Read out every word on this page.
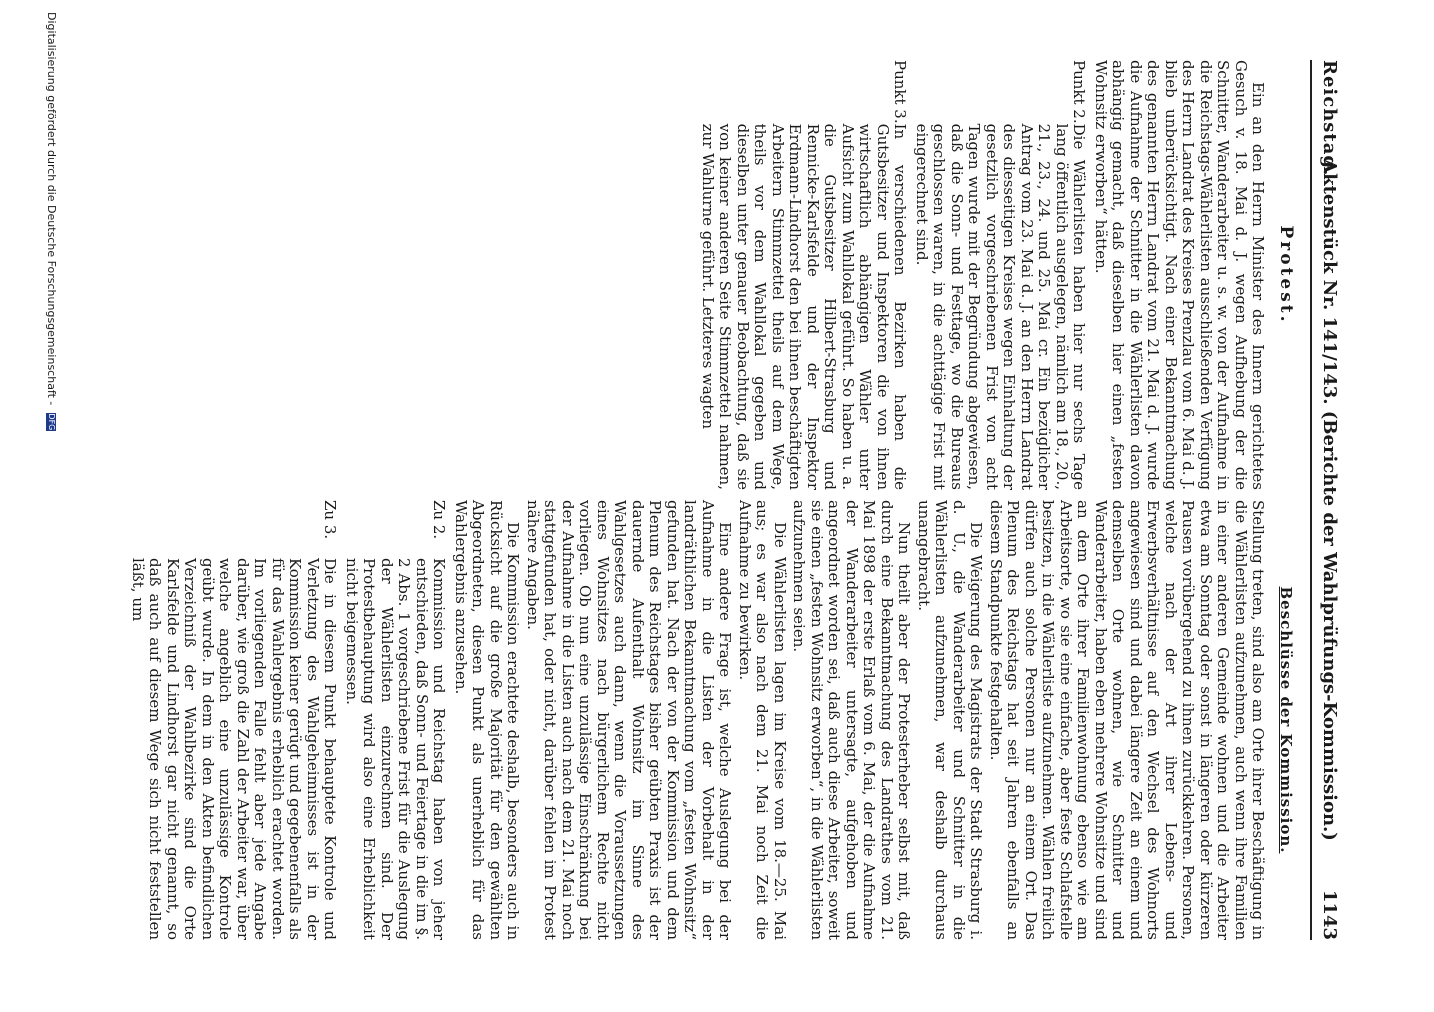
Reichstag.
Aktenstück Nr. 141/143. (Berichte der Wahlprüfungs-Kommission.)
1143
Protest.

Ein an den Herrn Minister des Innern gerichtetes Gesuch v. 18. Mai d. J. wegen Aufhebung der die Schnitter, Wanderarbeiter u. s. w. von der Aufnahme in die Reichstags-Wählerlisten ausschließenden Verfügung des Herrn Landrat des Kreises Prenzlau vom 6. Mai d. J. blieb unberücksichtigt. Nach einer Bekanntmachung des genannten Herrn Landrat vom 21. Mai d. J. wurde die Aufnahme der Schnitter in die Wählerlisten davon abhängig gemacht, daß dieselben hier einen „festen Wohnsitz erworben“ hätten.

Punkt 2.
Die Wählerlisten haben hier nur sechs Tage lang öffentlich ausgelegen, nämlich am 18., 20., 21., 23., 24. und 25. Mai cr. Ein bezüglicher Antrag vom 23. Mai d. J. an den Herrn Landrat des diesseitigen Kreises wegen Einhaltung der gesetzlich vorgeschriebenen Frist von acht Tagen wurde mit der Begründung abgewiesen, daß die Sonn- und Festtage, wo die Bureaus geschlossen waren, in die achttägige Frist mit eingerechnet sind.
Punkt 3.
In verschiedenen Bezirken haben die Gutsbesitzer und Inspektoren die von ihnen wirtschaftlich abhängigen Wähler unter Aufsicht zum Wahllokal geführt. So haben u. a. die Gutsbesitzer Hilbert-Strasburg und Rennicke-Karlsfelde und der Inspektor Erdmann-Lindhorst den bei ihnen beschäftigten Arbeitern Stimmzettel theils auf dem Wege, theils vor dem Wahllokal gegeben und dieselben unter genauer Beobachtung, daß sie von keiner anderen Seite Stimmzettel nahmen, zur Wahlurne geführt. Letzteres wagten
Beschlüsse der Kommission.

Stellung treten, sind also am Orte ihrer Beschäftigung in die Wählerlisten aufzunehmen, auch wenn ihre Familien in einer anderen Gemeinde wohnen und die Arbeiter etwa am Sonntag oder sonst in längeren oder kürzeren Pausen vorübergehend zu ihnen zurückkehren. Personen, welche nach der Art ihrer Lebens- und Erwerbsverhältnisse auf den Wechsel des Wohnorts angewiesen sind und dabei längere Zeit an einem und demselben Orte wohnen, wie Schnitter und Wanderarbeiter, haben eben mehrere Wohnsitze und sind an dem Orte ihrer Familienwohnung ebenso wie am Arbeitsorte, wo sie eine einfache, aber feste Schlafstelle besitzen, in die Wählerliste aufzunehmen. Wählen freilich dürfen auch solche Personen nur an einem Ort. Das Plenum des Reichstags hat seit Jahren ebenfalls an diesem Standpunkte festgehalten.

Die Weigerung des Magistrats der Stadt Strasburg i. d. U., die Wanderarbeiter und Schnitter in die Wählerlisten aufzunehmen, war deshalb durchaus unangebracht.

Nun theilt aber der Protesterheber selbst mit, daß durch eine Bekanntmachung des Landrathes vom 21. Mai 1898 der erste Erlaß vom 6. Mai, der die Aufnahme der Wanderarbeiter untersagte, aufgehoben und angeordnet worden sei, daß auch diese Arbeiter, soweit sie einen „festen Wohnsitz erworben“, in die Wählerlisten aufzunehmen seien.

Die Wählerlisten lagen im Kreise vom 18.—25. Mai aus; es war also nach dem 21. Mai noch Zeit die Aufnahme zu bewirken.

Eine andere Frage ist, welche Auslegung bei der Aufnahme in die Listen der Vorbehalt in der landräthlichen Bekanntmachung vom „festen Wohnsitz“ gefunden hat. Nach der von der Kommission und dem Plenum des Reichstages bisher geübten Praxis ist der dauernde Aufenthalt Wohnsitz im Sinne des Wahlgesetzes auch dann, wenn die Voraussetzungen eines Wohnsitzes nach bürgerlichem Rechte nicht vorliegen. Ob nun eine unzulässige Einschränkung bei der Aufnahme in die Listen auch nach dem 21. Mai noch stattgefunden hat, oder nicht, darüber fehlen im Protest nähere Angaben.

Die Kommission erachtete deshalb, besonders auch in Rücksicht auf die große Majorität für den gewählten Abgeordneten, diesen Punkt als unerheblich für das Wahlergebnis anzusehen.

Zu 2.
Kommission und Reichstag haben von jeher entschieden, daß Sonn- und Feiertage in die im §. 2 Abs. 1 vorgeschriebene Frist für die Auslegung der Wählerlisten einzurechnen sind. Der Protestbehauptung wird also eine Erheblichkeit nicht beigemessen.
Zu 3.
Die in diesem Punkt behauptete Kontrole und Verletzung des Wahlgeheimnisses ist in der Kommission keiner gerügt und gegebenenfalls als für das Wahlergebnis erheblich erachtet worden. Im vorliegenden Falle fehlt aber jede Angabe darüber, wie groß die Zahl der Arbeiter war, über welche angeblich eine unzulässige Kontrole geübt wurde. In dem in den Akten befindlichen Verzeichniß der Wahlbezirke sind die Orte Karlsfelde und Lindhorst gar nicht genannt, so daß auch auf diesem Wege sich nicht feststellen läßt, um
Digitalisierung gefördert durch die Deutsche Forschungsgemeinschaft - DFG
